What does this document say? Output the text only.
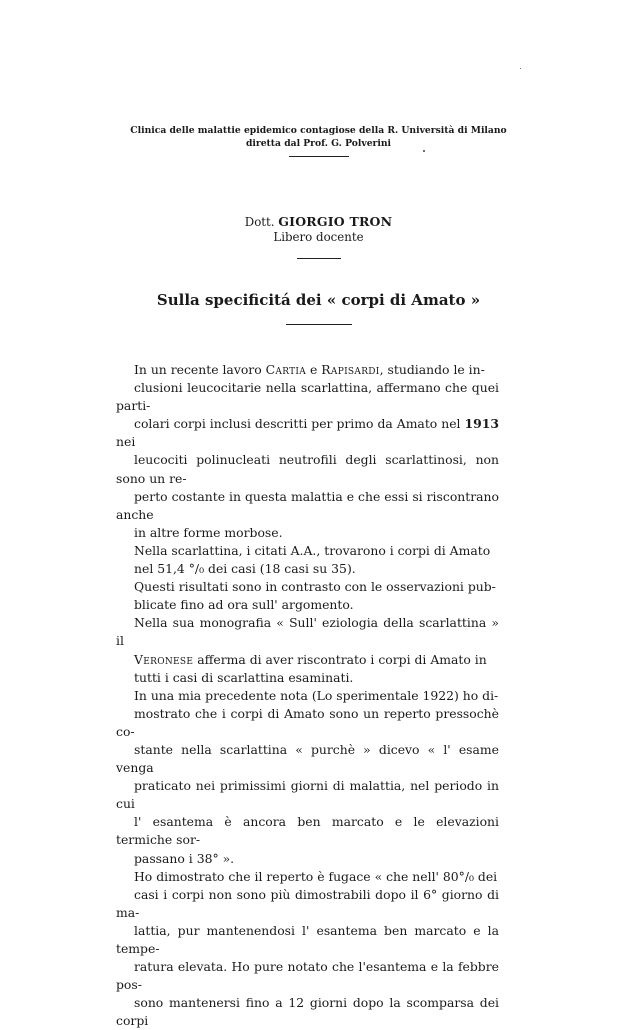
Clinica delle malattie epidemico contagiose della R. Università di Milano
diretta dal Prof. G. Polverini
Dott. GIORGIO TRON
Libero docente
Sulla specificitá dei « corpi di Amato »

In un recente lavoro Cartia e Rapisardi, studiando le in-
clusioni leucocitarie nella scarlattina, affermano che quei parti-
colari corpi inclusi descritti per primo da Amato nel 1913 nei
leucociti polinucleati neutrofili degli scarlattinosi, non sono un re-
perto costante in questa malattia e che essi si riscontrano anche
in altre forme morbose.

Nella scarlattina, i citati A.A., trovarono i corpi di Amato
nel 51,4 °/₀ dei casi (18 casi su 35).

Questi risultati sono in contrasto con le osservazioni pub-
blicate fino ad ora sull' argomento.

Nella sua monografia « Sull' eziologia della scarlattina » il
Veronese afferma di aver riscontrato i corpi di Amato in
tutti i casi di scarlattina esaminati.

In una mia precedente nota (Lo sperimentale 1922) ho di-
mostrato che i corpi di Amato sono un reperto pressochè co-
stante nella scarlattina « purchè » dicevo « l' esame venga
praticato nei primissimi giorni di malattia, nel periodo in cui
l' esantema è ancora ben marcato e le elevazioni termiche sor-
passano i 38° ».

Ho dimostrato che il reperto è fugace « che nell' 80°/₀ dei
casi i corpi non sono più dimostrabili dopo il 6° giorno di ma-
lattia, pur mantenendosi l' esantema ben marcato e la tempe-
ratura elevata. Ho pure notato che l'esantema e la febbre pos-
sono mantenersi fino a 12 giorni dopo la scomparsa dei corpi
